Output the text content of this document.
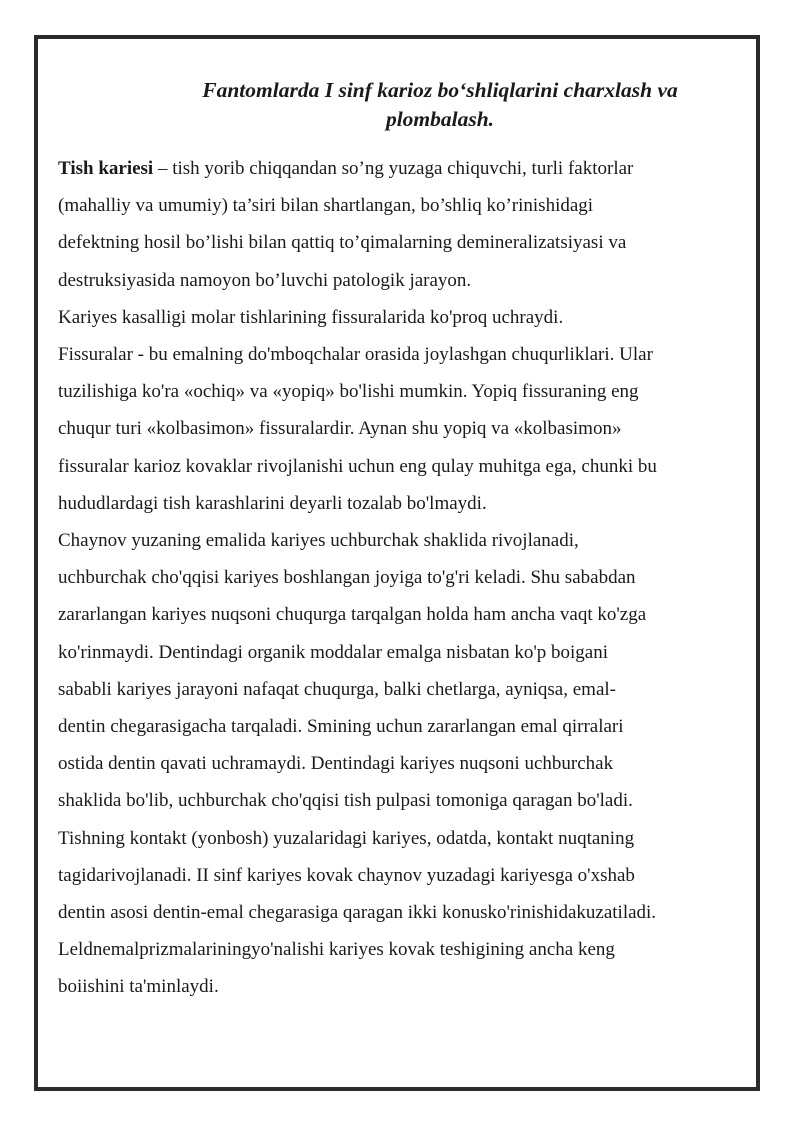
Fantomlarda I sinf karioz bo‘shliqlarini charxlash va
plombalash.
Tish kariesi – tish yorib chiqqandan so’ng yuzaga chiquvchi, turli faktorlar
(mahalliy va umumiy) ta’siri bilan shartlangan, bo’shliq ko’rinishidagi
defektning hosil bo’lishi bilan qattiq to’qimalarning demineralizatsiyasi va
destruksiyasida namoyon bo’luvchi patologik jarayon.
Kariyes kasalligi molar tishlarining fissuralarida ko'proq uchraydi.
Fissuralar - bu emalning do'mboqchalar orasida joylashgan chuqurliklari. Ular
tuzilishiga ko'ra «ochiq» va «yopiq» bo'lishi mumkin. Yopiq fissuraning eng
chuqur turi «kolbasimon» fissuralardir. Aynan shu yopiq va «kolbasimon»
fissuralar karioz kovaklar rivojlanishi uchun eng qulay muhitga ega, chunki bu
hududlardagi tish karashlarini deyarli tozalab bo'lmaydi.
Chaynov yuzaning emalida kariyes uchburchak shaklida rivojlanadi,
uchburchak cho'qqisi kariyes boshlangan joyiga to'g'ri keladi. Shu sababdan
zararlangan kariyes nuqsoni chuqurga tarqalgan holda ham ancha vaqt ko'zga
ko'rinmaydi. Dentindagi organik moddalar emalga nisbatan ko'p boigani
sababli kariyes jarayoni nafaqat chuqurga, balki chetlarga, ayniqsa, emal-
dentin chegarasigacha tarqaladi. Smining uchun zararlangan emal qirralari
ostida dentin qavati uchramaydi. Dentindagi kariyes nuqsoni uchburchak
shaklida bo'lib, uchburchak cho'qqisi tish pulpasi tomoniga qaragan bo'ladi.
Tishning kontakt (yonbosh) yuzalaridagi kariyes, odatda, kontakt nuqtaning
tagidarivojlanadi. II sinf kariyes kovak chaynov yuzadagi kariyesga o'xshab
dentin asosi dentin-emal chegarasiga qaragan ikki konusko'rinishidakuzatiladi.
Leldnemalprizmalariningyo'nalishi kariyes kovak teshigining ancha keng
boiishini ta'minlaydi.
